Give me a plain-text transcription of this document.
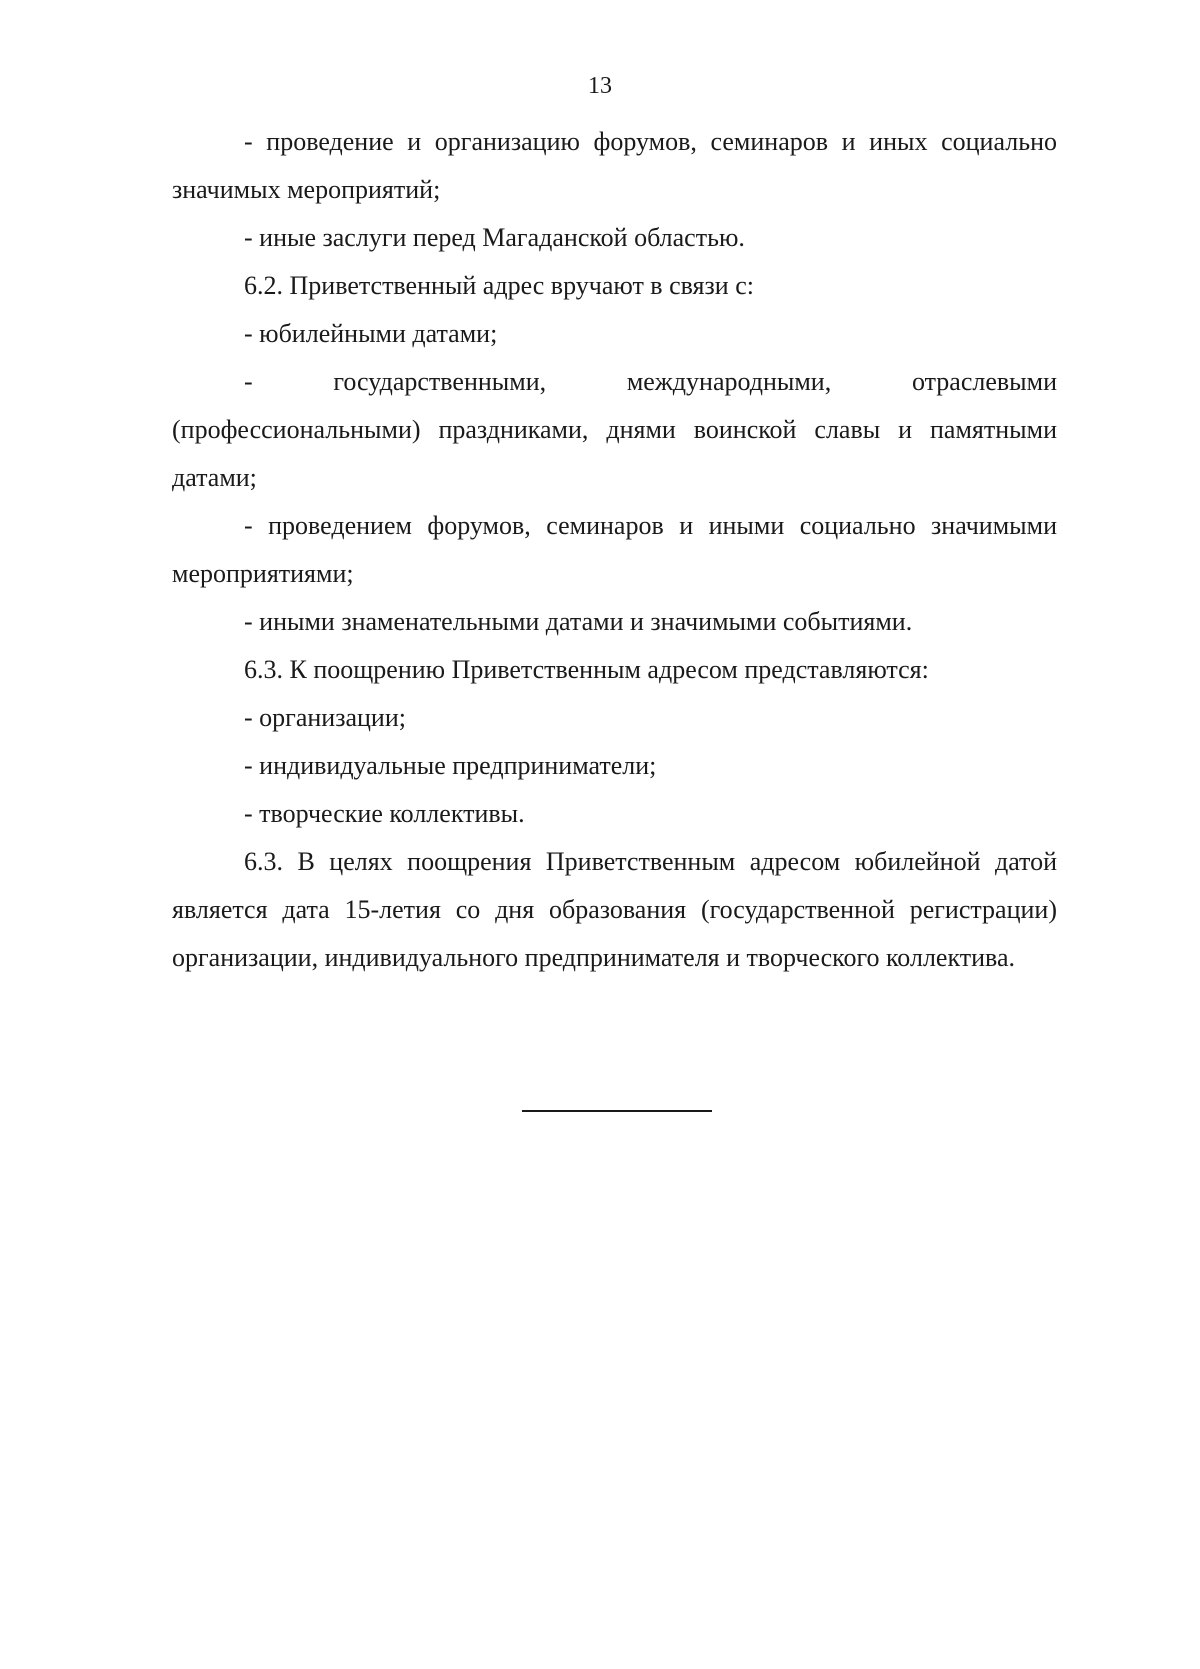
13

- проведение и организацию форумов, семинаров и иных социально значимых мероприятий;

- иные заслуги перед Магаданской областью.

6.2. Приветственный адрес вручают в связи с:

- юбилейными датами;

- государственными, международными, отраслевыми (профессиональными) праздниками, днями воинской славы и памятными датами;

- проведением форумов, семинаров и иными социально значимыми мероприятиями;

- иными знаменательными датами и значимыми событиями.

6.3. К поощрению Приветственным адресом представляются:

- организации;

- индивидуальные предприниматели;

- творческие коллективы.

6.3. В целях поощрения Приветственным адресом юбилейной датой является дата 15-летия со дня образования (государственной регистрации) организации, индивидуального предпринимателя и творческого коллектива.
